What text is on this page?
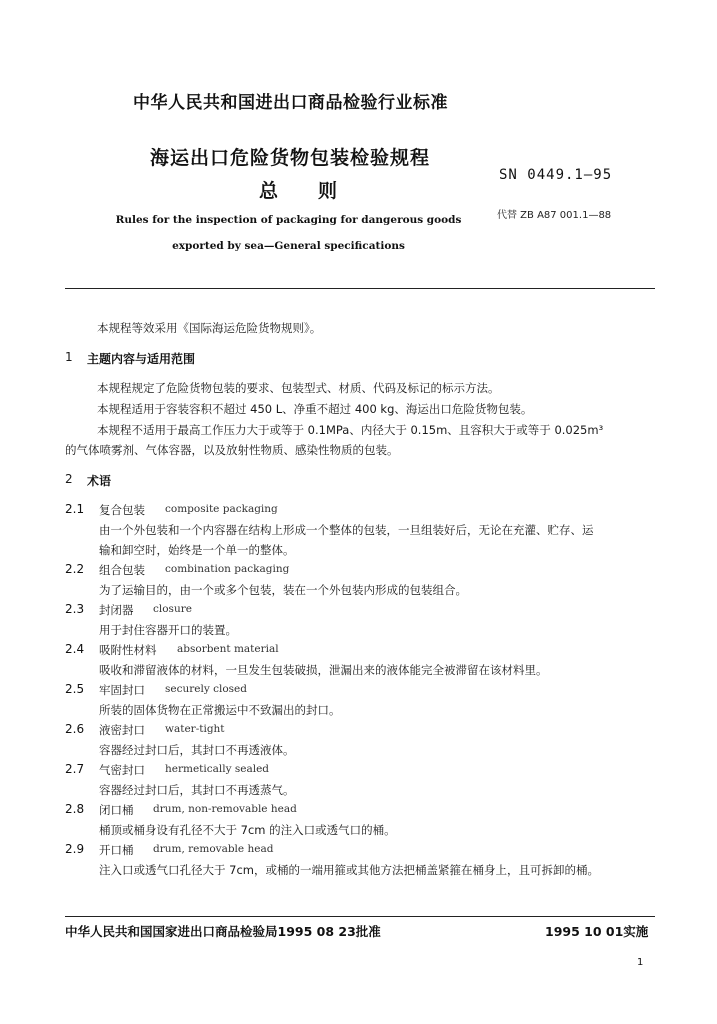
中华人民共和国进出口商品检验行业标准
海运出口危险货物包装检验规程
总则
SN 0449.1—95
代替 ZB A87 001.1—88
Rules for the inspection of packaging for dangerous goods
exported by sea—General specifications
本规程等效采用《国际海运危险货物规则》。
1 主题内容与适用范围
本规程规定了危险货物包装的要求、包装型式、材质、代码及标记的标示方法。
本规程适用于容装容积不超过 450 L、净重不超过 400 kg、海运出口危险货物包装。
本规程不适用于最高工作压力大于或等于 0.1MPa、内径大于 0.15m、且容积大于或等于 0.025m³
的气体喷雾剂、气体容器，以及放射性物质、感染性物质的包装。
2 术语
2.1 复合包装 composite packaging
由一个外包装和一个内容器在结构上形成一个整体的包装，一旦组装好后，无论在充灌、贮存、运
输和卸空时，始终是一个单一的整体。
2.2 组合包装 combination packaging
为了运输目的，由一个或多个包装，装在一个外包装内形成的包装组合。
2.3 封闭器 closure
用于封住容器开口的装置。
2.4 吸附性材料 absorbent material
吸收和滞留液体的材料，一旦发生包装破损，泄漏出来的液体能完全被滞留在该材料里。
2.5 牢固封口 securely closed
所装的固体货物在正常搬运中不致漏出的封口。
2.6 液密封口 water-tight
容器经过封口后，其封口不再透液体。
2.7 气密封口 hermetically sealed
容器经过封口后，其封口不再透蒸气。
2.8 闭口桶 drum, non-removable head
桶顶或桶身设有孔径不大于 7cm 的注入口或透气口的桶。
2.9 开口桶 drum, removable head
注入口或透气口孔径大于 7cm，或桶的一端用箍或其他方法把桶盖紧箍在桶身上，且可拆卸的桶。
中华人民共和国国家进出口商品检验局1995 08 23批准	1995 10 01实施
1
